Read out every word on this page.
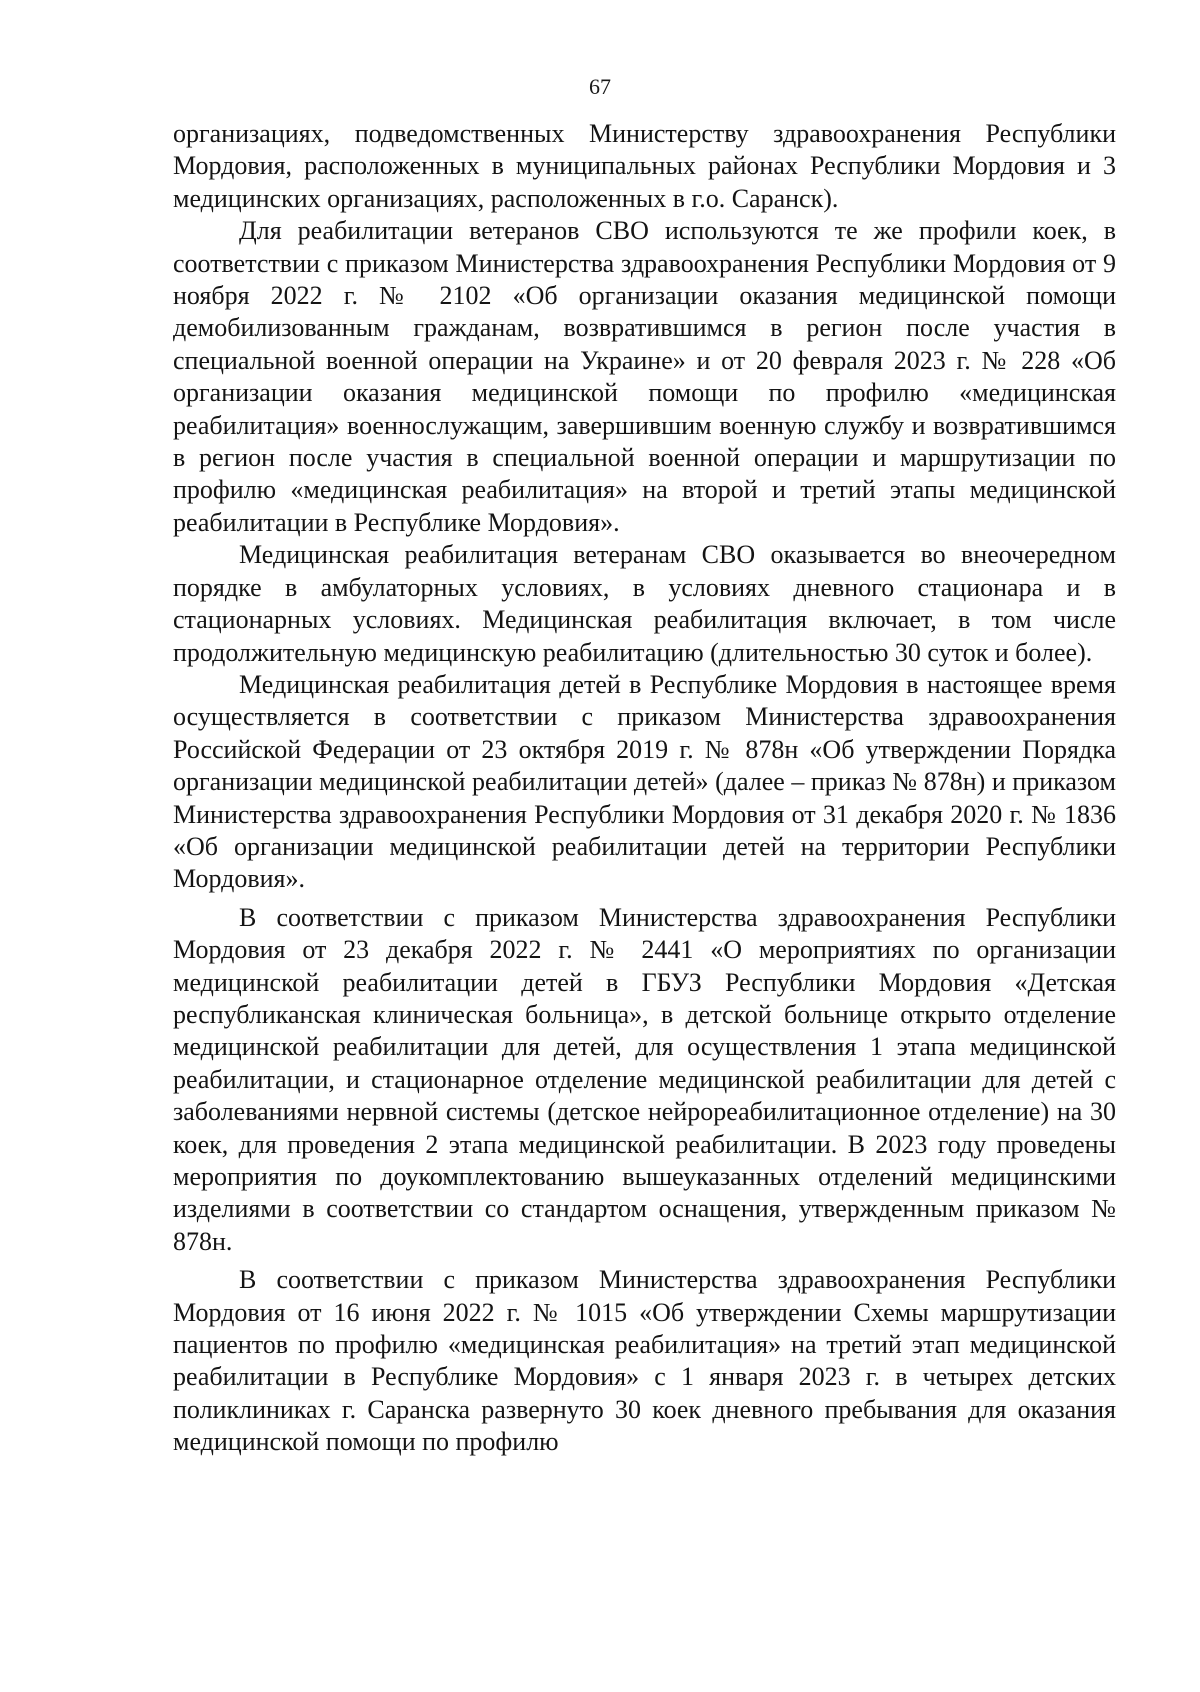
67

организациях, подведомственных Министерству здравоохранения Республики Мордовия, расположенных в муниципальных районах Республики Мордовия и 3 медицинских организациях, расположенных в г.о. Саранск).

Для реабилитации ветеранов СВО используются те же профили коек, в соответствии с приказом Министерства здравоохранения Республики Мордовия от 9 ноября 2022 г. № 2102 «Об организации оказания медицинской помощи демобилизованным гражданам, возвратившимся в регион после участия в специальной военной операции на Украине» и от 20 февраля 2023 г. № 228 «Об организации оказания медицинской помощи по профилю «медицинская реабилитация» военнослужащим, завершившим военную службу и возвратившимся в регион после участия в специальной военной операции и маршрутизации по профилю «медицинская реабилитация» на второй и третий этапы медицинской реабилитации в Республике Мордовия».

Медицинская реабилитация ветеранам СВО оказывается во внеочередном порядке в амбулаторных условиях, в условиях дневного стационара и в стационарных условиях. Медицинская реабилитация включает, в том числе продолжительную медицинскую реабилитацию (длительностью 30 суток и более).

Медицинская реабилитация детей в Республике Мордовия в настоящее время осуществляется в соответствии с приказом Министерства здравоохранения Российской Федерации от 23 октября 2019 г. № 878н «Об утверждении Порядка организации медицинской реабилитации детей» (далее – приказ № 878н) и приказом Министерства здравоохранения Республики Мордовия от 31 декабря 2020 г. № 1836 «Об организации медицинской реабилитации детей на территории Республики Мордовия».

В соответствии с приказом Министерства здравоохранения Республики Мордовия от 23 декабря 2022 г. № 2441 «О мероприятиях по организации медицинской реабилитации детей в ГБУЗ Республики Мордовия «Детская республиканская клиническая больница», в детской больнице открыто отделение медицинской реабилитации для детей, для осуществления 1 этапа медицинской реабилитации, и стационарное отделение медицинской реабилитации для детей с заболеваниями нервной системы (детское нейрореабилитационное отделение) на 30 коек, для проведения 2 этапа медицинской реабилитации. В 2023 году проведены мероприятия по доукомплектованию вышеуказанных отделений медицинскими изделиями в соответствии со стандартом оснащения, утвержденным приказом № 878н.

В соответствии с приказом Министерства здравоохранения Республики Мордовия от 16 июня 2022 г. № 1015 «Об утверждении Схемы маршрутизации пациентов по профилю «медицинская реабилитация» на третий этап медицинской реабилитации в Республике Мордовия» с 1 января 2023 г. в четырех детских поликлиниках г. Саранска развернуто 30 коек дневного пребывания для оказания медицинской помощи по профилю
